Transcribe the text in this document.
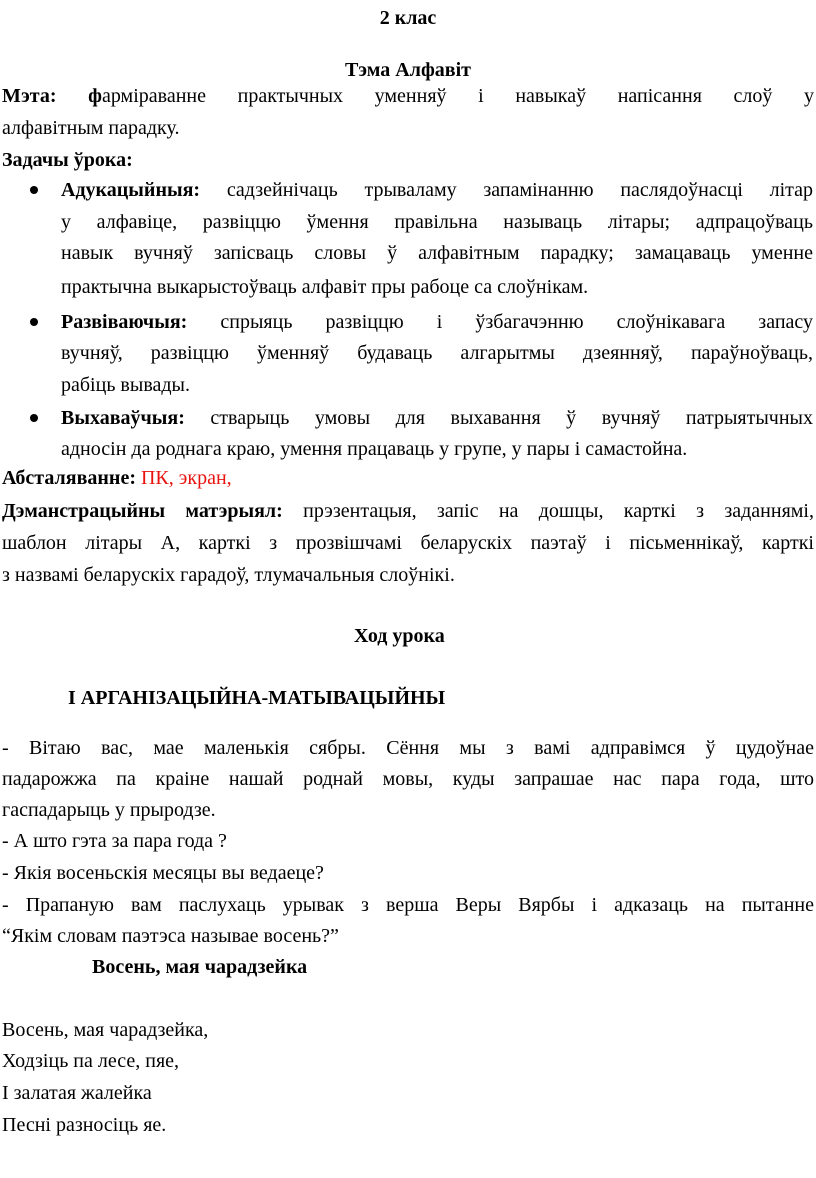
2 клас
Тэма Алфавіт
Мэта: фарміраванне практычных уменняў і навыкаў напісання слоў у
алфавітным парадку.
Задачы ўрока:
Адукацыйныя: садзейнічаць трываламу запамінанню паслядоўнасці літар
у алфавіце, развіццю ўмення правільна называць літары; адпрацоўваць
навык вучняў запісваць словы ў алфавітным парадку; замацаваць уменне
практычна выкарыстоўваць алфавіт пры рабоце са слоўнікам.
Развіваючыя: спрыяць развіццю і ўзбагачэнню слоўнікавага запасу
вучняў, развіццю ўменняў будаваць алгарытмы дзеянняў, параўноўваць,
рабіць вывады.
Выхаваўчыя: стварыць умовы для выхавання ў вучняў патрыятычных
адносін да роднага краю, умення працаваць у групе, у пары і самастойна.
Абсталяванне: ПК, экран,
Дэманстрацыйны матэрыял: прэзентацыя, запіс на дошцы, карткі з заданнямі,
шаблон літары А, карткі з прозвішчамі беларускіх паэтаў і пісьменнікаў, карткі
з назвамі беларускіх гарадоў, тлумачальныя слоўнікі.
Ход урока
І АРГАНІЗАЦЫЙНА-МАТЫВАЦЫЙНЫ
- Вітаю вас, мае маленькія сябры. Сёння мы з вамі адправімся ў цудоўнае
падарожжа па краіне нашай роднай мовы, куды запрашае нас пара года, што
гаспадарыць у прыродзе.
- А што гэта за пара года ?
- Якія восеньскія месяцы вы ведаеце?
- Прапаную вам паслухаць урывак з верша Веры Вярбы і адказаць на пытанне
“Якім словам паэтэса называе восень?”
Восень, мая чарадзейка
Восень, мая чарадзейка,
Ходзіць па лесе, пяе,
І залатая жалейка
Песні разносіць яе.
